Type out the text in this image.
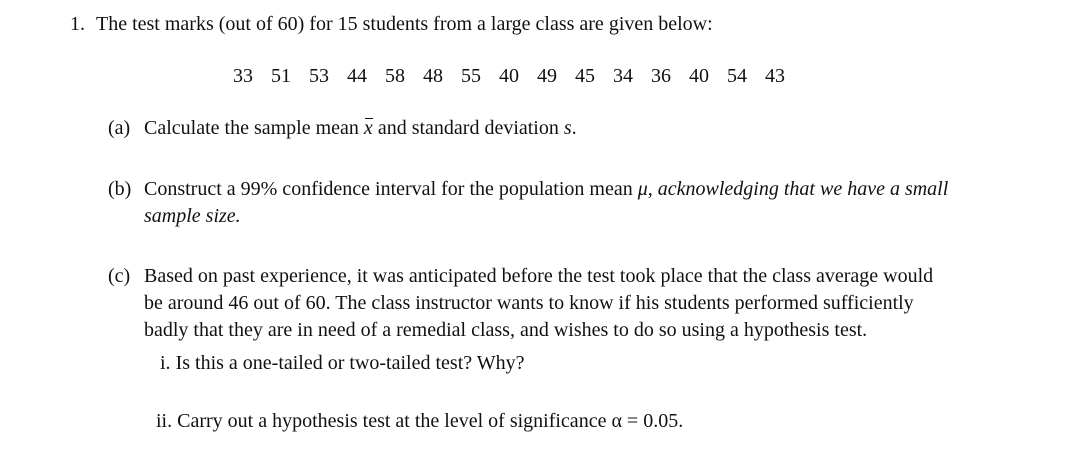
1. The test marks (out of 60) for 15 students from a large class are given below:
33 51 53 44 58 48 55 40 49 45 34 36 40 54 43
(a) Calculate the sample mean x and standard deviation s.
(b) Construct a 99% confidence interval for the population mean μ, acknowledging that we have a small
sample size.
(c) Based on past experience, it was anticipated before the test took place that the class average would
be around 46 out of 60. The class instructor wants to know if his students performed sufficiently
badly that they are in need of a remedial class, and wishes to do so using a hypothesis test.
i. Is this a one-tailed or two-tailed test? Why?
ii. Carry out a hypothesis test at the level of significance α = 0.05.
